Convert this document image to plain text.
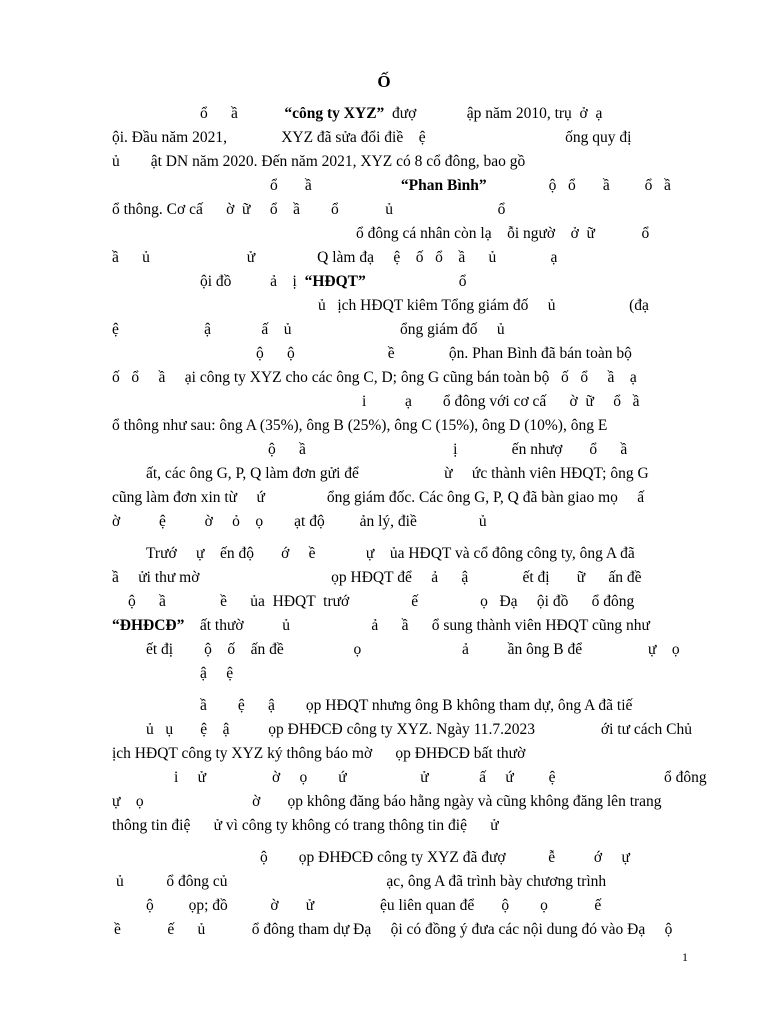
Ố
ổ      ầ            “công ty XYZ”  đượ             ập năm 2010, trụ  ở  ạ
ội. Đầu năm 2021,              XYZ đã sửa đổi điề    ệ                                    ống quy đị
ủ        ật DN năm 2020. Đến năm 2021, XYZ có 8 cổ đông, bao gồ
ổ       ầ                       “Phan Bình”                ộ   ổ       ầ         ổ   ầ
ổ thông. Cơ cấ      ờ  ữ     ổ    ầ        ổ            ủ                           ổ
ổ đông cá nhân còn lạ    ỗi ngườ    ở  ữ            ổ
ầ      ủ                         ử                Q làm đạ     ệ    ố   ổ    ầ      ủ              ạ
ội đồ          ả    ị  “HĐQT”                        ổ
ủ   ịch HĐQT kiêm Tổng giám đố     ủ                   (đạ
ệ                      ậ             ấ    ủ                            ổng giám đố     ủ
ộ      ộ                        ề              ộn. Phan Bình đã bán toàn bộ
ố   ổ     ầ     ại công ty XYZ cho các ông C, D; ông G cũng bán toàn bộ   ố   ổ     ầ    ạ
i          ạ        ổ đông với cơ cấ      ờ  ữ     ổ   ầ
ổ thông như sau: ông A (35%), ông B (25%), ông C (15%), ông D (10%), ông E
ộ      ầ                                      ị              ến nhượ       ổ      ầ
ất, các ông G, P, Q làm đơn gửi để                      ừ     ức thành viên HĐQT; ông G
cũng làm đơn xin từ     ứ                ổng giám đốc. Các ông G, P, Q đã bàn giao mọ     ấ
ờ          ệ          ờ     ỏ    ọ        ạt độ         ản lý, điề                ủ
Trướ     ự    ến độ       ớ     ề             ự    ủa HĐQT và cổ đông công ty, ông A đã
ầ     ửi thư mờ                                  ọp HĐQT để     ả      ậ              ết đị       ữ      ấn đề
ộ      ầ              ề      ủa  HĐQT  trướ                ế                ọ   Đạ     ội đồ      ổ đông
“ĐHĐCĐ”    ất thườ          ủ                     ả      ầ      ổ sung thành viên HĐQT cũng như
ết đị        ộ    ố    ấn đề                  ọ                          ả          ần ông B để                 ự    ọ
ậ     ệ
ầ        ệ      ậ        ọp HĐQT nhưng ông B không tham dự, ông A đã tiế
ủ   ụ       ệ    ậ          ọp ĐHĐCĐ công ty XYZ. Ngày 11.7.2023                 ới tư cách Chủ
ịch HĐQT công ty XYZ ký thông báo mờ      ọp ĐHĐCĐ bất thườ
i     ử                 ờ     ọ        ứ                   ử             ấ     ứ         ệ                            ổ đông
ự    ọ                            ờ       ọp không đăng báo hằng ngày và cũng không đăng lên trang
thông tin điệ      ử vì công ty không có trang thông tin điệ      ử
ộ        ọp ĐHĐCĐ công ty XYZ đã đượ           ễ          ớ     ự
ủ           ổ đông củ                                         ạc, ông A đã trình bày chương trình
ộ         ọp; đồ           ờ       ử                 ệu liên quan để       ộ        ọ            ế
ề            ế      ủ            ổ đông tham dự Đạ     ội có đồng ý đưa các nội dung đó vào Đạ     ộ
1
